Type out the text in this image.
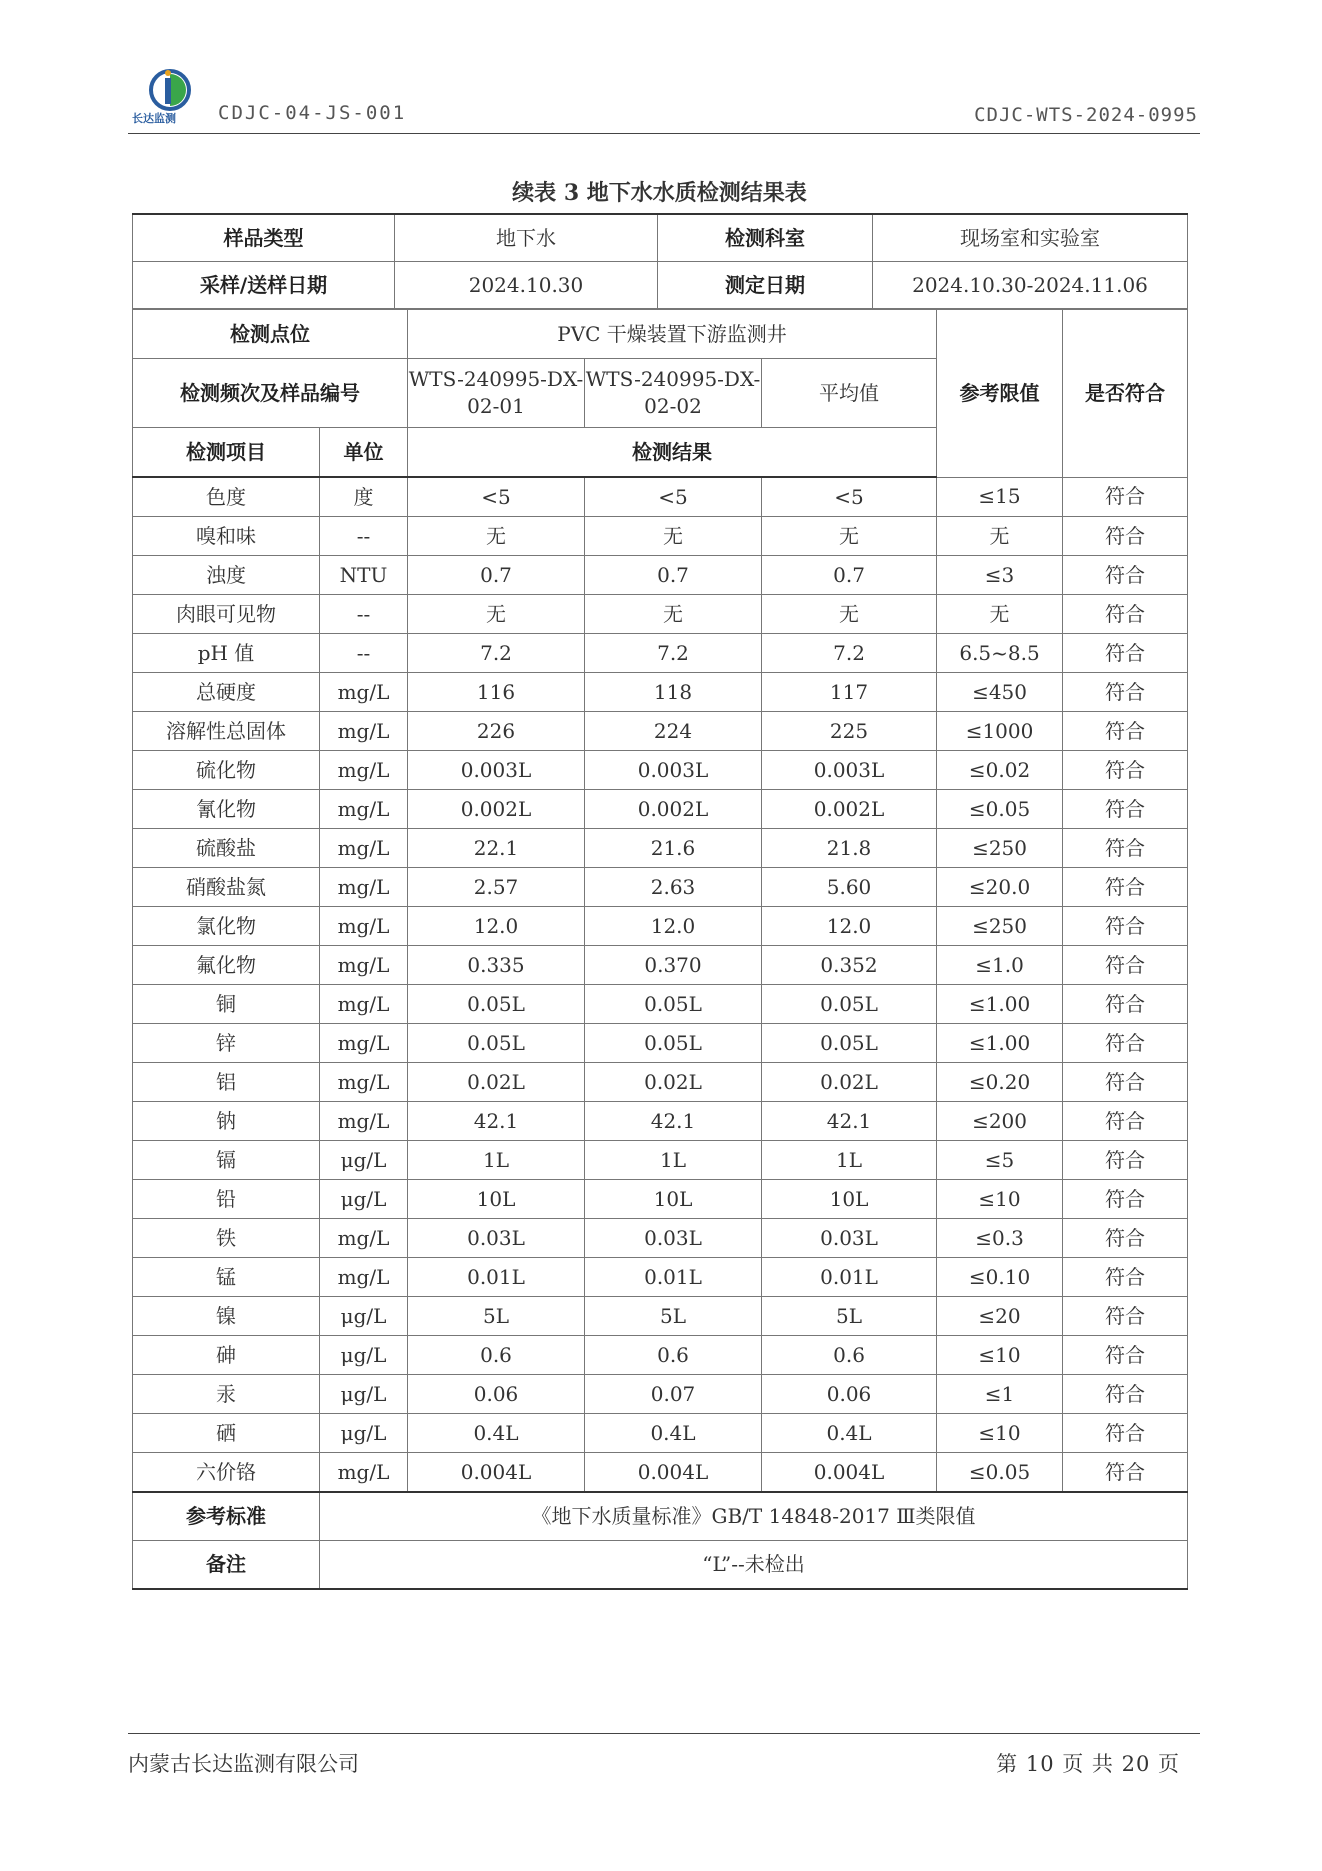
长达监测 CDJC-04-JS-001	CDJC-WTS-2024-0995
续表 3 地下水水质检测结果表
样品类型	地下水	检测科室	现场室和实验室
采样/送样日期	2024.10.30	测定日期	2024.10.30-2024.11.06
检测点位		PVC 干燥装置下游监测井			参考限值	是否符合
检测频次及样品编号		WTS-240995-DX-02-01	WTS-240995-DX-02-02	平均值		
检测项目	单位	检测结果				
色度	度	<5	<5	<5	≤15	符合
嗅和味	--	无	无	无	无	符合
浊度	NTU	0.7	0.7	0.7	≤3	符合
肉眼可见物	--	无	无	无	无	符合
pH 值	--	7.2	7.2	7.2	6.5~8.5	符合
总硬度	mg/L	116	118	117	≤450	符合
溶解性总固体	mg/L	226	224	225	≤1000	符合
硫化物	mg/L	0.003L	0.003L	0.003L	≤0.02	符合
氰化物	mg/L	0.002L	0.002L	0.002L	≤0.05	符合
硫酸盐	mg/L	22.1	21.6	21.8	≤250	符合
硝酸盐氮	mg/L	2.57	2.63	5.60	≤20.0	符合
氯化物	mg/L	12.0	12.0	12.0	≤250	符合
氟化物	mg/L	0.335	0.370	0.352	≤1.0	符合
铜	mg/L	0.05L	0.05L	0.05L	≤1.00	符合
锌	mg/L	0.05L	0.05L	0.05L	≤1.00	符合
铝	mg/L	0.02L	0.02L	0.02L	≤0.20	符合
钠	mg/L	42.1	42.1	42.1	≤200	符合
镉	μg/L	1L	1L	1L	≤5	符合
铅	μg/L	10L	10L	10L	≤10	符合
铁	mg/L	0.03L	0.03L	0.03L	≤0.3	符合
锰	mg/L	0.01L	0.01L	0.01L	≤0.10	符合
镍	μg/L	5L	5L	5L	≤20	符合
砷	μg/L	0.6	0.6	0.6	≤10	符合
汞	μg/L	0.06	0.07	0.06	≤1	符合
硒	μg/L	0.4L	0.4L	0.4L	≤10	符合
六价铬	mg/L	0.004L	0.004L	0.004L	≤0.05	符合
参考标准	《地下水质量标准》GB/T 14848-2017 Ⅲ类限值					
备注	“L”--未检出					
内蒙古长达监测有限公司	第 10 页 共 20 页
